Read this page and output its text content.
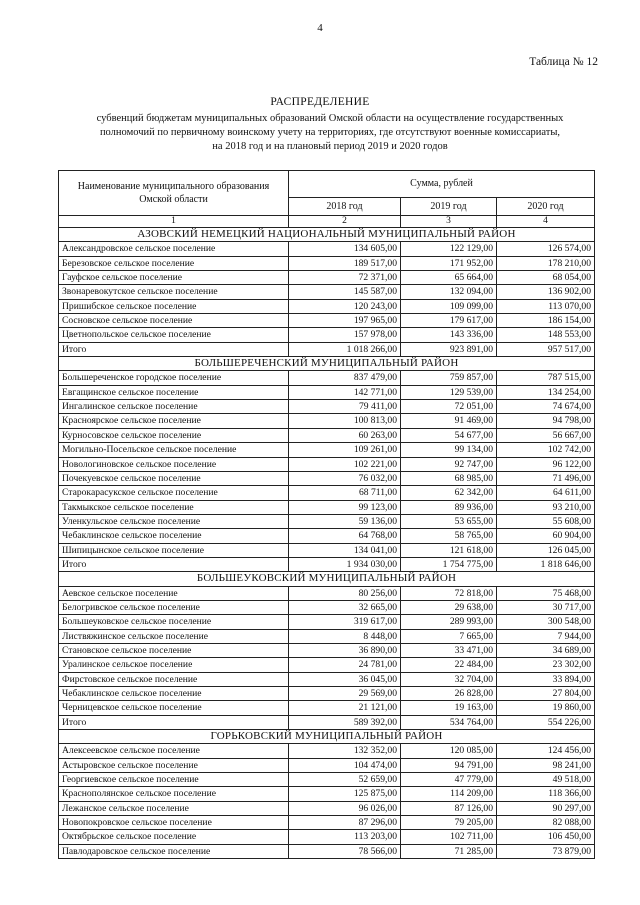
4
Таблица № 12
РАСПРЕДЕЛЕНИЕ
субвенций бюджетам муниципальных образований Омской области на осуществление государственных
полномочий по первичному воинскому учету на территориях, где отсутствуют военные комиссариаты,
на 2018 год и на плановый период 2019 и 2020 годов
Наименование муниципального образования Омской области	Сумма, рублей		
	2018 год	2019 год	2020 год
1	2	3	4
АЗОВСКИЙ НЕМЕЦКИЙ НАЦИОНАЛЬНЫЙ МУНИЦИПАЛЬНЫЙ РАЙОН			
Александровское сельское поселение	134 605,00	122 129,00	126 574,00
Березовское сельское поселение	189 517,00	171 952,00	178 210,00
Гауфское сельское поселение	72 371,00	65 664,00	68 054,00
Звонаревокутское сельское поселение	145 587,00	132 094,00	136 902,00
Пришибское сельское поселение	120 243,00	109 099,00	113 070,00
Сосновское сельское поселение	197 965,00	179 617,00	186 154,00
Цветнопольское сельское поселение	157 978,00	143 336,00	148 553,00
Итого	1 018 266,00	923 891,00	957 517,00
БОЛЬШЕРЕЧЕНСКИЙ МУНИЦИПАЛЬНЫЙ РАЙОН			
Большереченское городское поселение	837 479,00	759 857,00	787 515,00
Евгащинское сельское поселение	142 771,00	129 539,00	134 254,00
Ингалинское сельское поселение	79 411,00	72 051,00	74 674,00
Красноярское сельское поселение	100 813,00	91 469,00	94 798,00
Курносовское сельское поселение	60 263,00	54 677,00	56 667,00
Могильно-Посельское сельское поселение	109 261,00	99 134,00	102 742,00
Новологиновское сельское поселение	102 221,00	92 747,00	96 122,00
Почекуевское сельское поселение	76 032,00	68 985,00	71 496,00
Старокарасукское сельское поселение	68 711,00	62 342,00	64 611,00
Такмыкское сельское поселение	99 123,00	89 936,00	93 210,00
Уленкульское сельское поселение	59 136,00	53 655,00	55 608,00
Чебаклинское сельское поселение	64 768,00	58 765,00	60 904,00
Шипицынское сельское поселение	134 041,00	121 618,00	126 045,00
Итого	1 934 030,00	1 754 775,00	1 818 646,00
БОЛЬШЕУКОВСКИЙ МУНИЦИПАЛЬНЫЙ РАЙОН			
Аевское сельское поселение	80 256,00	72 818,00	75 468,00
Белогривское сельское поселение	32 665,00	29 638,00	30 717,00
Большеуковское сельское поселение	319 617,00	289 993,00	300 548,00
Листвяжинское сельское поселение	8 448,00	7 665,00	7 944,00
Становское сельское поселение	36 890,00	33 471,00	34 689,00
Уралинское сельское поселение	24 781,00	22 484,00	23 302,00
Фирстовское сельское поселение	36 045,00	32 704,00	33 894,00
Чебаклинское сельское поселение	29 569,00	26 828,00	27 804,00
Черницевское сельское поселение	21 121,00	19 163,00	19 860,00
Итого	589 392,00	534 764,00	554 226,00
ГОРЬКОВСКИЙ МУНИЦИПАЛЬНЫЙ РАЙОН			
Алексеевское сельское поселение	132 352,00	120 085,00	124 456,00
Астыровское сельское поселение	104 474,00	94 791,00	98 241,00
Георгиевское сельское поселение	52 659,00	47 779,00	49 518,00
Краснополянское сельское поселение	125 875,00	114 209,00	118 366,00
Лежанское сельское поселение	96 026,00	87 126,00	90 297,00
Новопокровское сельское поселение	87 296,00	79 205,00	82 088,00
Октябрьское сельское поселение	113 203,00	102 711,00	106 450,00
Павлодаровское сельское поселение	78 566,00	71 285,00	73 879,00
